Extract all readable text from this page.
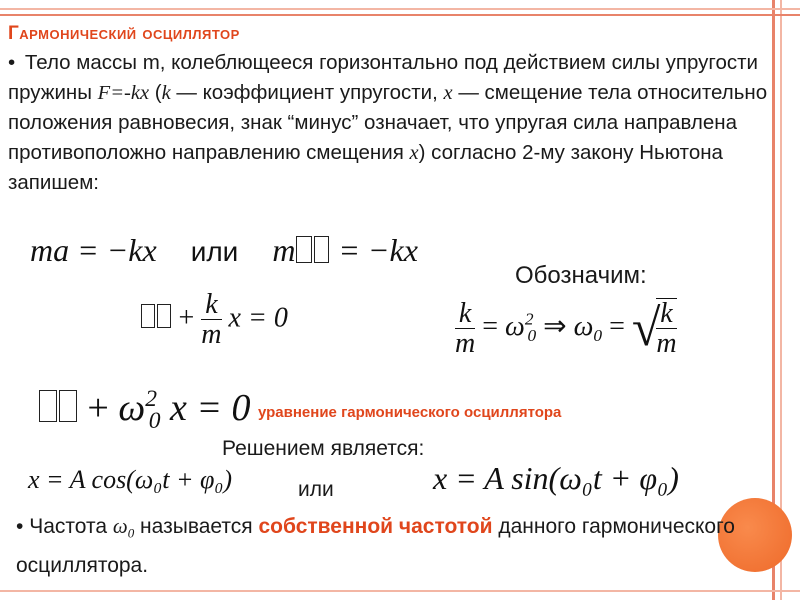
Гармонический осциллятор
• Тело массы m, колеблющееся горизонтально под действием силы упругости пружины F=-kx (k — коэффициент упругости, x — смещение тела относительно положения равновесия, знак “минус” означает, что упругая сила направлена противоположно направлению смещения x) согласно 2-му закону Ньютона запишем:
ma = −kx или m = −kx
Обозначим:
+ $\frac{k}{m}$ x = 0	$\frac{k}{m} = \omega^2_0$ ⇒ $\omega_0$ = √
$\frac{k}{m}$
+ $\omega^2_0$ x = 0 уравнение гармонического осциллятора
Решением является:
x = A cos(ω₀t + φ₀)	или	x = A sin(ω₀t + φ₀)
• Частота $\omega_0$ называется собственной частотой данного гармонического осциллятора.
